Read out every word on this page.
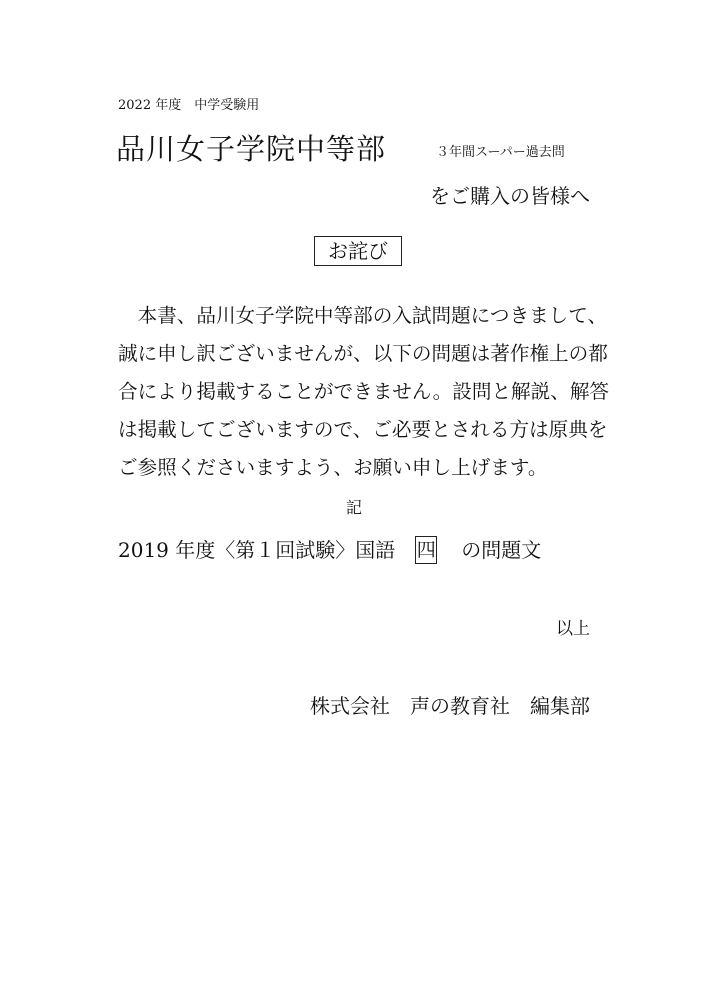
2022 年度　中学受験用
品川女子学院中等部	３年間スーパー過去問
をご購入の皆様へ
お詫び
　本書、品川女子学院中等部の入試問題につきまして、
誠に申し訳ございませんが、以下の問題は著作権上の都
合により掲載することができません。設問と解説、解答
は掲載してございますので、ご必要とされる方は原典を
ご参照くださいますよう、お願い申し上げます。
記
2019 年度〈第１回試験〉国語 四 の問題文
以上
株式会社　声の教育社　編集部
